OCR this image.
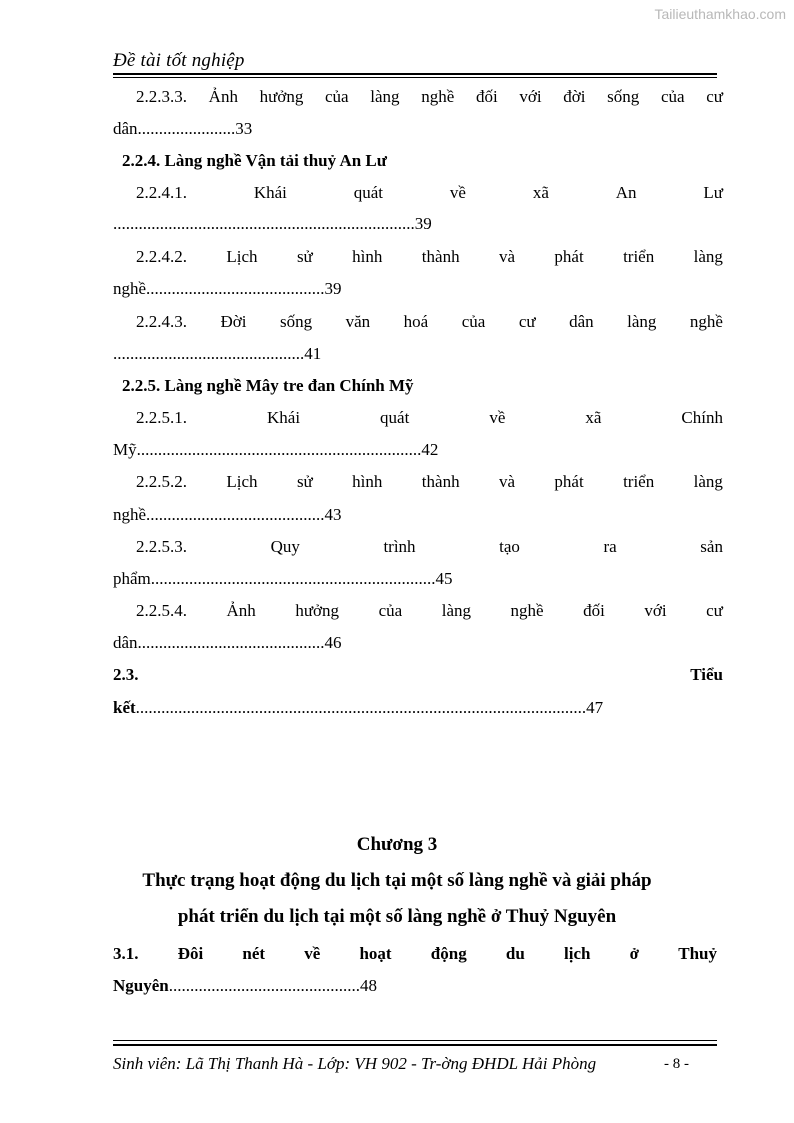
Tailieuthamkhao.com
Đề tài tốt nghiệp
2.2.3.3. Ảnh hưởng của làng nghề đối với đời sống của cư
dân.......................33
2.2.4. Làng nghề Vận tải thuỷ An Lư
2.2.4.1.	Khái	quát	về	xã	An	Lư
.......................................................................39
2.2.4.2. Lịch sử hình thành và phát triển làng
nghề..........................................39
2.2.4.3. Đời sống văn hoá của cư dân làng nghề
.............................................41
2.2.5. Làng nghề Mây tre đan Chính Mỹ
2.2.5.1.	Khái	quát	về	xã	Chính
Mỹ...................................................................42
2.2.5.2. Lịch sử hình thành và phát triển làng
nghề..........................................43
2.2.5.3.	Quy	trình	tạo	ra	sản
phẩm...................................................................45
2.2.5.4. Ảnh hưởng của làng nghề đối với cư
dân............................................46
2.3.	Tiểu
kết..........................................................................................................47
Chương 3
Thực trạng hoạt động du lịch tại một số làng nghề và giải pháp
phát triển du lịch tại một số làng nghề ở Thuỷ Nguyên
3.1. Đôi nét về hoạt động du lịch ở Thuỷ
Nguyên.............................................48
Sinh viên: Lã Thị Thanh Hà - Lớp: VH 902 - Tr-ờng ĐHDL Hải Phòng	- 8 -
